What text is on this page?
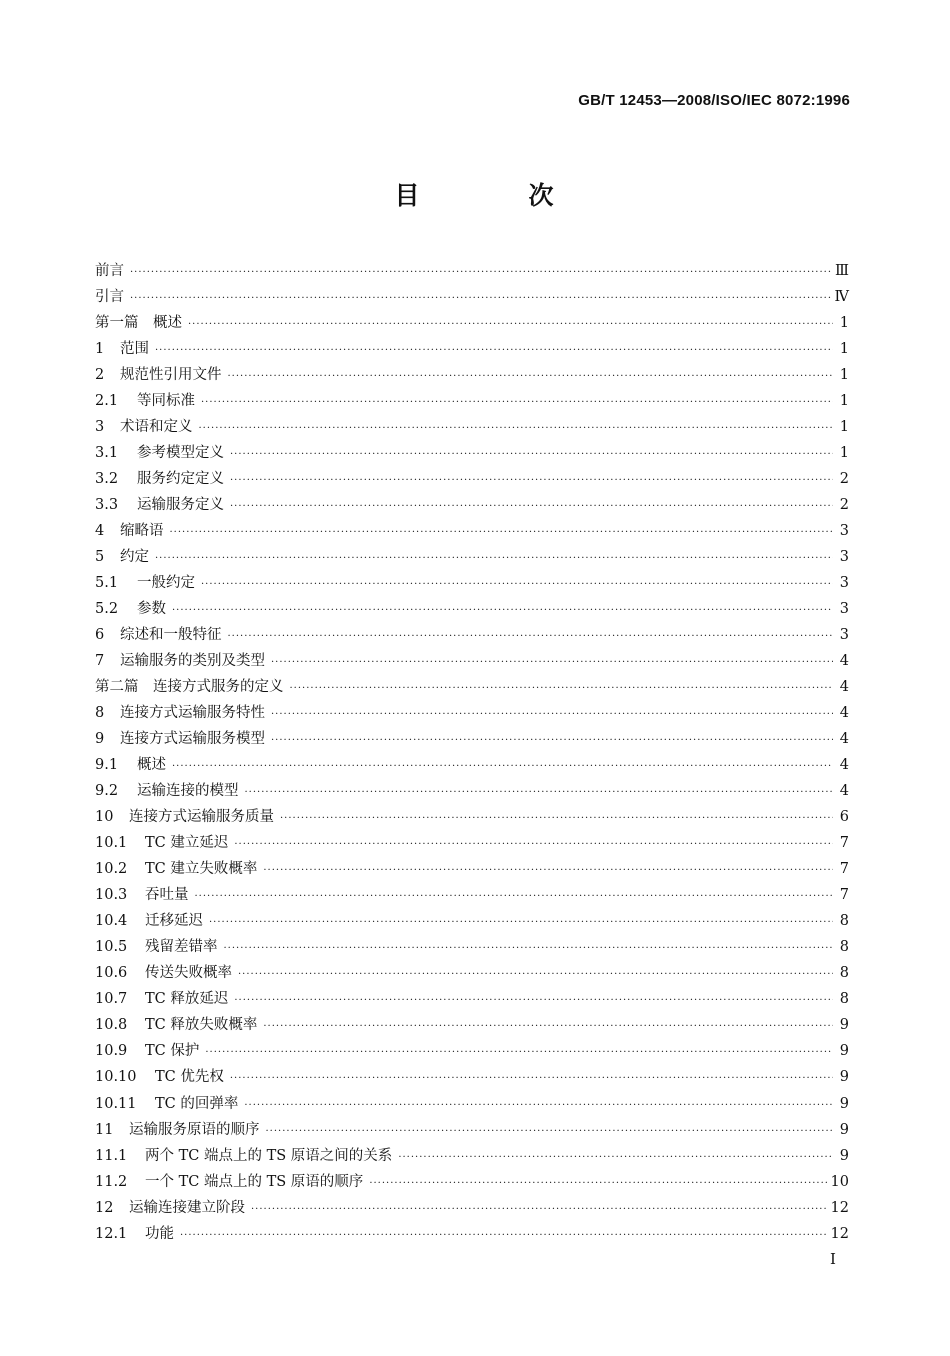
GB/T 12453—2008/ISO/IEC 8072:1996
目　次
前言 ·····	Ⅲ
引言 ·····	Ⅳ
第一篇　概述 ·····	1
1	范围 ·····	1
2	规范性引用文件 ·····	1
2.1	等同标准 ·····	1
3	术语和定义 ·····	1
3.1	参考模型定义 ·····	1
3.2	服务约定定义 ·····	2
3.3	运输服务定义 ·····	2
4	缩略语 ·····	3
5	约定 ·····	3
5.1	一般约定 ·····	3
5.2	参数 ·····	3
6	综述和一般特征 ·····	3
7	运输服务的类别及类型 ·····	4
第二篇　连接方式服务的定义 ·····	4
8	连接方式运输服务特性 ·····	4
9	连接方式运输服务模型 ·····	4
9.1	概述 ·····	4
9.2	运输连接的模型 ·····	4
10	连接方式运输服务质量 ·····	6
10.1	TC 建立延迟 ·····	7
10.2	TC 建立失败概率 ·····	7
10.3	吞吐量 ·····	7
10.4	迁移延迟 ·····	8
10.5	残留差错率 ·····	8
10.6	传送失败概率 ·····	8
10.7	TC 释放延迟 ·····	8
10.8	TC 释放失败概率 ·····	9
10.9	TC 保护 ·····	9
10.10	TC 优先权 ·····	9
10.11	TC 的回弹率 ·····	9
11	运输服务原语的顺序 ·····	9
11.1	两个 TC 端点上的 TS 原语之间的关系 ·····	9
11.2	一个 TC 端点上的 TS 原语的顺序 ·····	10
12	运输连接建立阶段 ·····	12
12.1	功能 ·····	12
I
